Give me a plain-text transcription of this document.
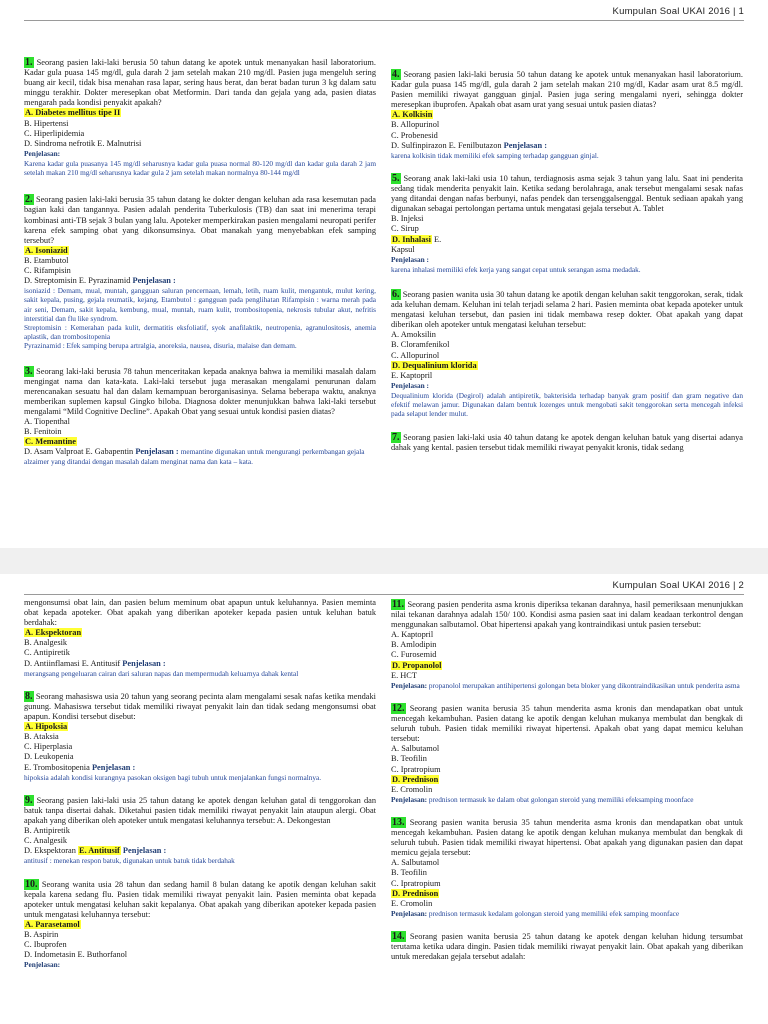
Kumpulan Soal UKAI 2016 | 1
1. Seorang pasien laki-laki berusia 50 tahun datang ke apotek untuk menanyakan hasil laboratorium. Kadar gula puasa 145 mg/dl, gula darah 2 jam setelah makan 210 mg/dl. Pasien juga mengeluh sering buang air kecil, tidak bisa menahan rasa lapar, sering haus berat, dan berat badan turun 3 kg dalam satu minggu terakhir. Dokter meresepkan obat Metformin. Dari tanda dan gejala yang ada, pasien diatas mengarah pada kondisi penyakit apakah?
A. Diabetes mellitus tipe II
B. Hipertensi
C. Hiperlipidemia
D. Sindroma nefrotik E. Malnutrisi
Penjelasan:
Karena kadar gula puasanya 145 mg/dl seharusnya kadar gula puasa normal 80-120 mg/dl dan kadar gula darah 2 jam setelah makan 210 mg/dl seharusnya kadar gula 2 jam setelah makan normalnya 80-144 mg/dl
2. Seorang pasien laki-laki berusia 35 tahun datang ke dokter dengan keluhan ada rasa kesemutan pada bagian kaki dan tangannya. Pasien adalah penderita Tuberkulosis (TB) dan saat ini menerima terapi kombinasi anti-TB sejak 3 bulan yang lalu. Apoteker memperkirakan pasien mengalami neuropati perifer karena efek samping obat yang dikonsumsinya. Obat manakah yang menyebabkan efek samping tersebut?
A. Isoniazid
B. Etambutol
C. Rifampisin
D. Streptomisin E. Pyrazinamid Penjelasan :
isoniazid : Demam, mual, muntah, gangguan saluran pencernaan, lemah, letih, ruam kulit, mengantuk, mulut kering, sakit kepala, pusing, gejala reumatik, kejang, Etambutol : gangguan pada penglihatan Rifampisin : warna merah pada air seni, Demam, sakit kepala, kembung, mual, muntah, ruam kulit, trombositopenia, nekrosis tubular akut, nefritis interstitial dan flu like syndrom.
Streptomisin : Kemerahan pada kulit, dermatitis eksfoliatif, syok anafilaktik, neutropenia, agranulositosis, anemia aplastik, dan trombositopenia
Pyrazinamid : Efek samping berupa artralgia, anoreksia, nausea, disuria, malaise dan demam.
3. Seorang laki-laki berusia 78 tahun menceritakan kepada anaknya bahwa ia memiliki masalah dalam mengingat nama dan kata-kata. Laki-laki tersebut juga merasakan mengalami penurunan dalam merencanakan sesuatu hal dan dalam kemampuan berorganisasinya. Selama beberapa waktu, anaknya memberikan suplemen kapsul Gingko biloba. Diagnosa dokter menunjukkan bahwa laki-laki tersebut mengalami “Mild Cognitive Decline”. Apakah Obat yang sesuai untuk kondisi pasien diatas?
A. Tiopenthal
B. Fenitoin
C. Memantine
D. Asam Valproat E. Gabapentin Penjelasan : memantine digunakan untuk mengurangi perkembangan gejala alzaimer yang ditandai dengan masalah dalam menginat nama dan kata – kata.
4. Seorang pasien laki-laki berusia 50 tahun datang ke apotek untuk menanyakan hasil laboratorium. Kadar gula puasa 145 mg/dl, gula darah 2 jam setelah makan 210 mg/dl, Kadar asam urat 8.5 mg/dl. Pasien memiliki riwayat gangguan ginjal. Pasien juga sering mengalami nyeri, sehingga dokter meresepkan ibuprofen. Apakah obat asam urat yang sesuai untuk pasien diatas?
A. Kolkisin
B. Allopurinol
C. Probenesid
D. Sulfinpirazon E. Fenilbutazon Penjelasan :
karena kolkisin tidak memiliki efek samping terhadap gangguan ginjal.
5. Seorang anak laki-laki usia 10 tahun, terdiagnosis asma sejak 3 tahun yang lalu. Saat ini penderita sedang tidak menderita penyakit lain. Ketika sedang berolahraga, anak tersebut mengalami sesak nafas yang ditandai dengan nafas berbunyi, nafas pendek dan tersenggalsenggal. Bentuk sediaan apakah yang digunakan sebagai pertolongan pertama untuk mengatasi gejala tersebut A. Tablet
B. Injeksi
C. Sirup
D. Inhalasi E.
Kapsul
Penjelasan :
karena inhalasi memiliki efek kerja yang sangat cepat untuk serangan asma medadak.
6. Seorang pasien wanita usia 30 tahun datang ke apotik dengan keluhan sakit tenggorokan, serak, tidak ada keluhan demam. Keluhan ini telah terjadi selama 2 hari. Pasien meminta obat kepada apoteker untuk mengatasi keluhan tersebut, dan pasien ini tidak membawa resep dokter. Obat apakah yang dapat diberikan oleh apoteker untuk mengatasi keluhan tersebut:
A. Amoksilin
B. Cloramfenikol
C. Allopurinol
D. Dequalinium klorida
E. Kaptopril
Penjelasan :
Dequalinium klorida (Degirol) adalah antipiretik, bakterisida terhadap banyak gram positif dan gram negative dan efektif melawan jamur. Digunakan dalam bentuk lozenges untuk mengobati sakit tenggorokan serta mencegah infeksi pada selaput lender mulut.
7. Seorang pasien laki-laki usia 40 tahun datang ke apotek dengan keluhan batuk yang disertai adanya dahak yang kental. pasien tersebut tidak memiliki riwayat penyakit kronis, tidak sedang
Kumpulan Soal UKAI 2016 | 2
mengonsumsi obat lain, dan pasien belum meminum obat apapun untuk keluhannya. Pasien meminta obat kepada apoteker. Obat apakah yang diberikan apoteker kepada pasien untuk keluhan batuk berdahak:
A. Ekspektoran
B. Analgesik
C. Antipiretik
D. Antiinflamasi E. Antitusif Penjelasan :
merangsang pengeluaran cairan dari saluran napas dan mempermudah keluarnya dahak kental
8. Seorang mahasiswa usia 20 tahun yang seorang pecinta alam mengalami sesak nafas ketika mendaki gunung. Mahasiswa tersebut tidak memiliki riwayat penyakit lain dan tidak sedang mengonsumsi obat apapun. Kondisi tersebut disebut:
A. Hipoksia
B. Ataksia
C. Hiperplasia
D. Leukopenia
E. Trombositopenia Penjelasan :
hipoksia adalah kondisi kurangnya pasokan oksigen bagi tubuh untuk menjalankan fungsi normalnya.
9. Seorang pasien laki-laki usia 25 tahun datang ke apotek dengan keluhan gatal di tenggorokan dan batuk tanpa disertai dahak. Diketahui pasien tidak memiliki riwayat penyakit lain ataupun alergi. Obat apakah yang diberikan oleh apoteker untuk mengatasi keluhannya tersebut: A. Dekongestan
B. Antipiretik
C. Analgesik
D. Ekspektoran E. Antitusif Penjelasan :
antitusif : menekan respon batuk, digunakan untuk batuk tidak berdahak
10. Seorang wanita usia 28 tahun dan sedang hamil 8 bulan datang ke apotik dengan keluhan sakit kepala karena sedang flu. Pasien tidak memiliki riwayat penyakit lain. Pasien meminta obat kepada apoteker untuk mengatasi keluhan sakit kepalanya. Obat apakah yang diberikan apoteker kepada pasien untuk mengatasi keluhannya tersebut:
A. Parasetamol
B. Aspirin
C. Ibuprofen
D. Indometasin E. Buthorfanol
Penjelasan:
11. Seorang pasien penderita asma kronis diperiksa tekanan darahnya, hasil pemeriksaan menunjukkan nilai tekanan darahnya adalah 150/ 100. Kondisi asma pasien saat ini dalam keadaan terkontrol dengan menggunakan salbutamol. Obat hipertensi apakah yang kontraindikasi untuk pasien tersebut:
A. Kaptopril
B. Amlodipin
C. Furosemid
D. Propanolol
E. HCT
Penjelasan: propanolol merupakan antihipertensi golongan beta bloker yang dikontraindikasikan untuk penderita asma
12. Seorang pasien wanita berusia 35 tahun menderita asma kronis dan mendapatkan obat untuk mencegah kekambuhan. Pasien datang ke apotik dengan keluhan mukanya membulat dan bengkak di seluruh tubuh. Pasien tidak memiliki riwayat hipertensi. Apakah obat yang dapat memicu keluhan tersebut:
A. Salbutamol
B. Teofilin
C. Ipratropium
D. Prednison
E. Cromolin
Penjelasan: prednison termasuk ke dalam obat golongan steroid yang memiliki efeksamping moonface
13. Seorang pasien wanita berusia 35 tahun menderita asma kronis dan mendapatkan obat untuk mencegah kekambuhan. Pasien datang ke apotik dengan keluhan mukanya membulat dan bengkak di seluruh tubuh. Pasien tidak memiliki riwayat hipertensi. Obat apakah yang digunakan pasien dan dapat memicu gejala tersebut:
A. Salbutamol
B. Teofilin
C. Ipratropium
D. Prednison
E. Cromolin
Penjelasan: prednison termasuk kedalam golongan steroid yang memiliki efek samping moonface
14. Seorang pasien wanita berusia 25 tahun datang ke apotek dengan keluhan hidung tersumbat terutama ketika udara dingin. Pasien tidak memiliki riwayat penyakit lain. Obat apakah yang diberikan untuk meredakan gejala tersebut adalah:
